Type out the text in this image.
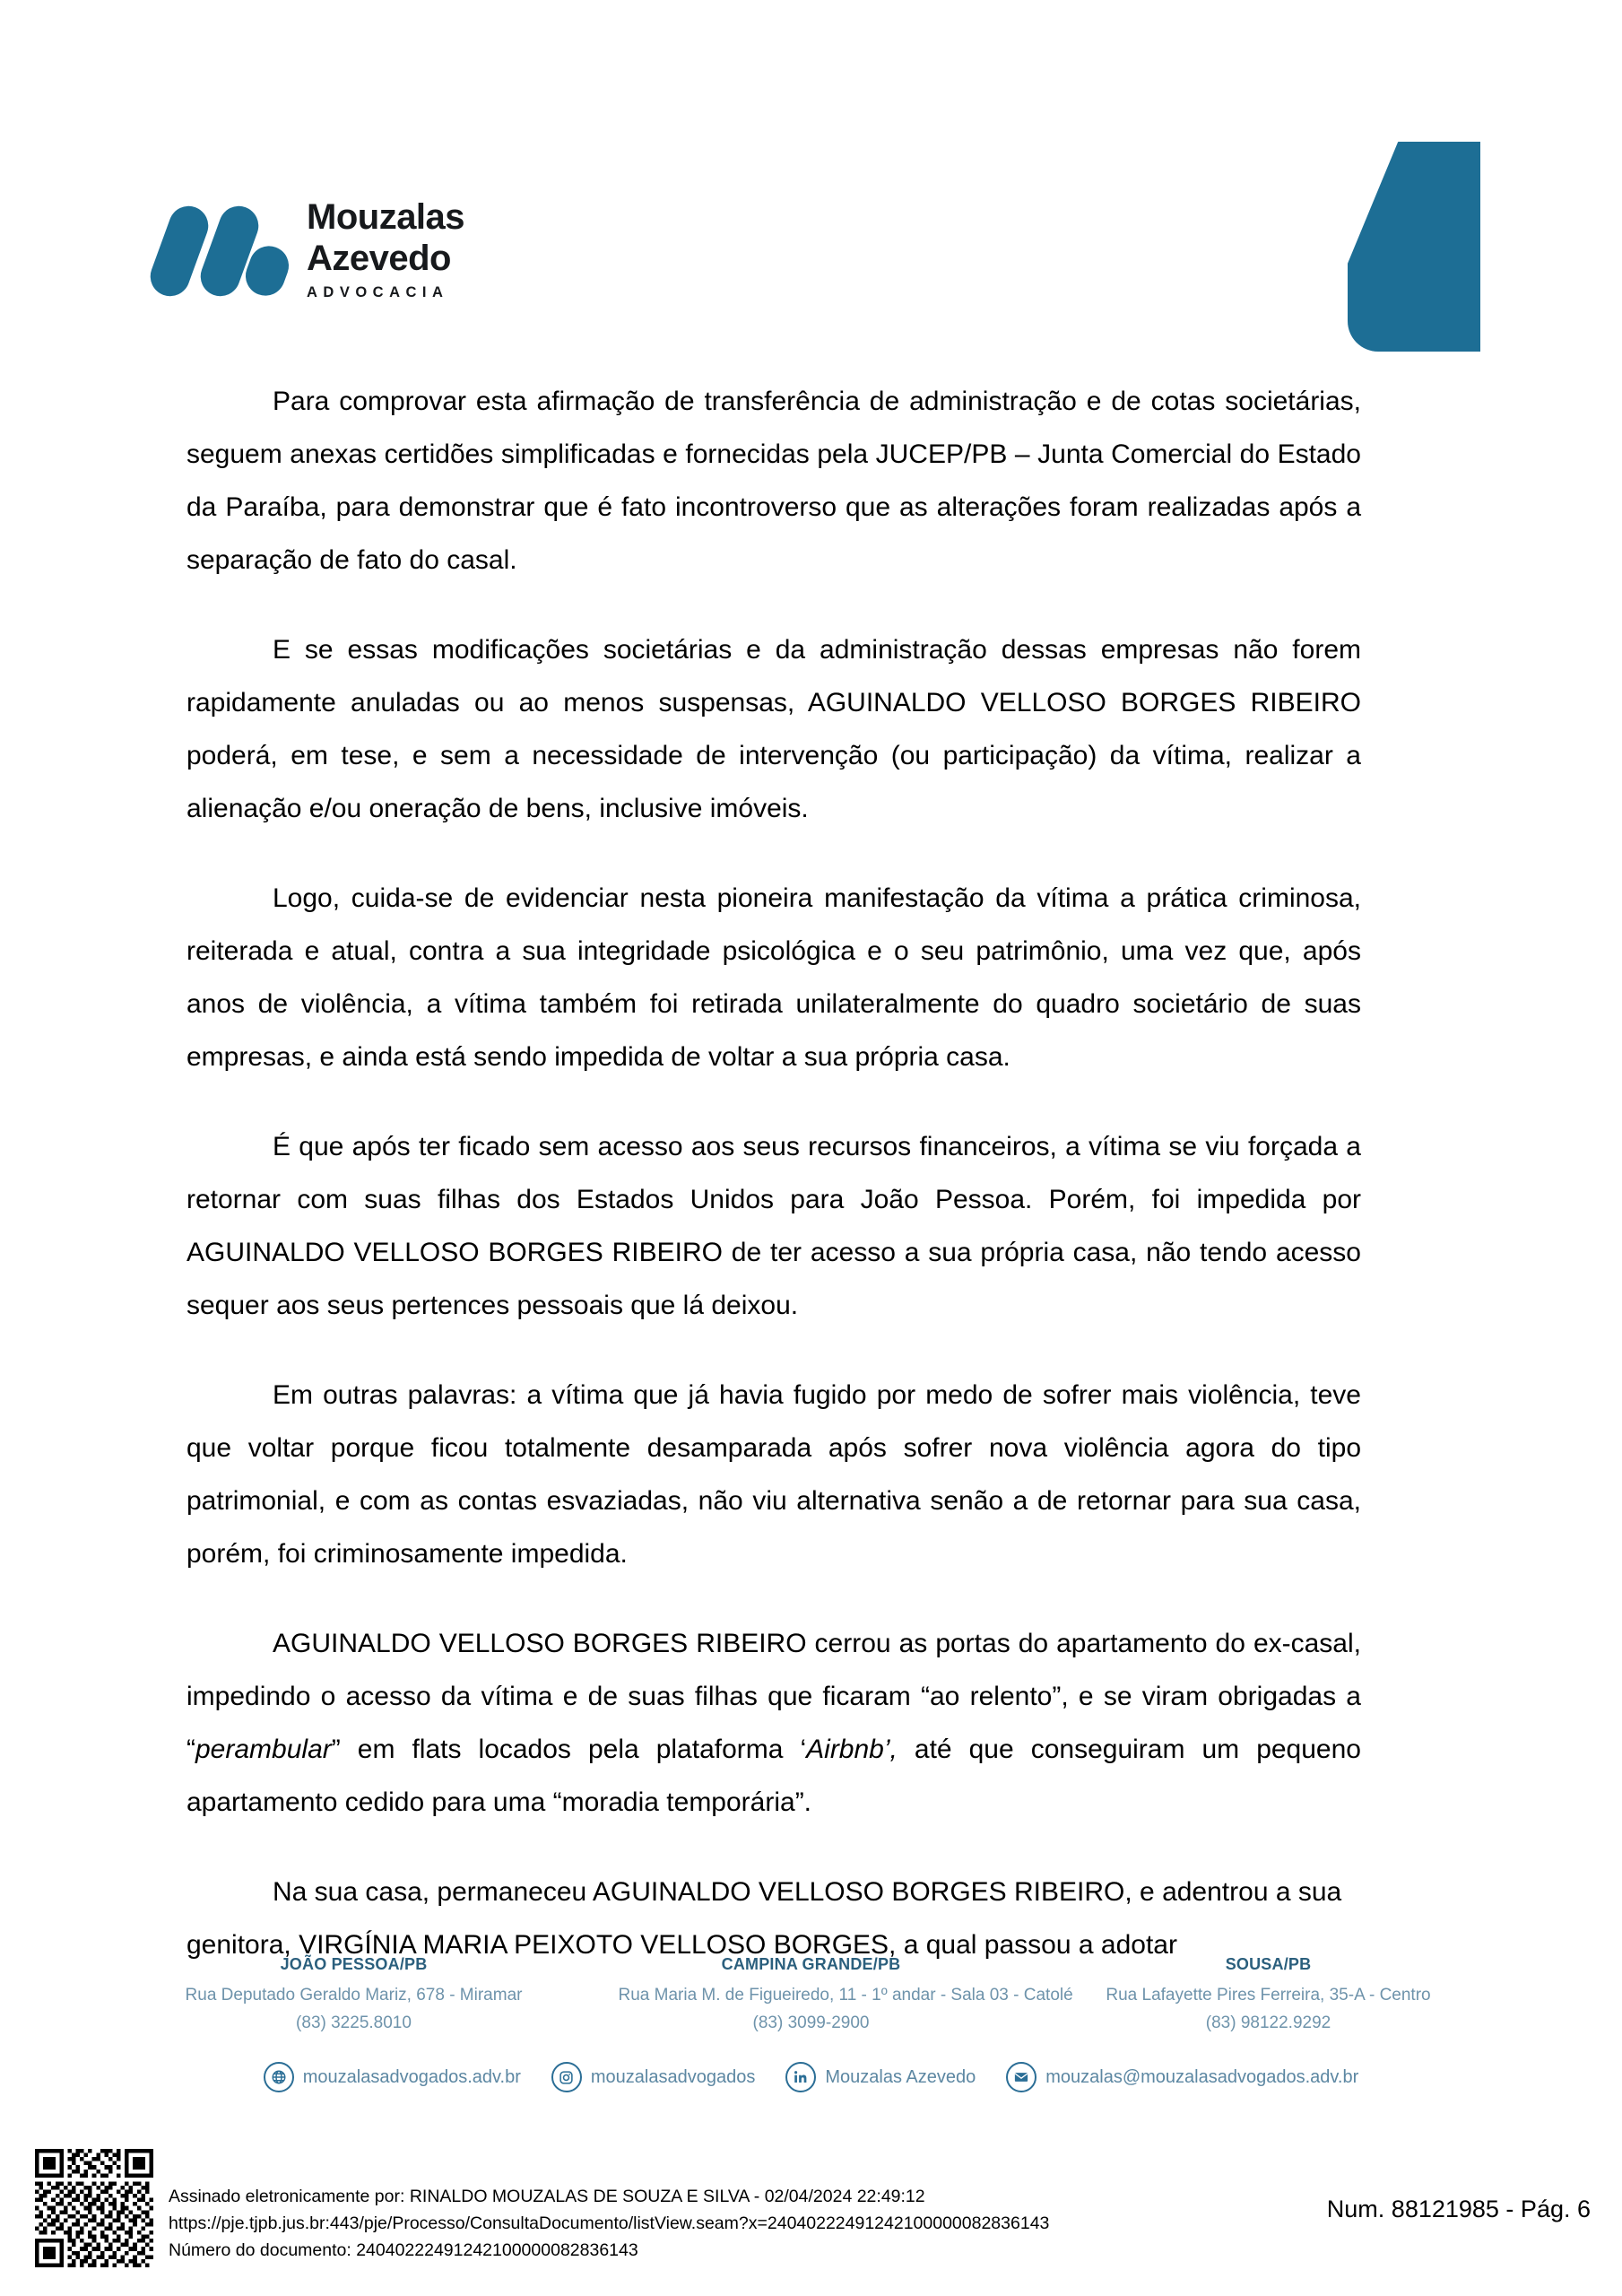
Mouzalas
Azevedo
ADVOCACIA

Para comprovar esta afirmação de transferência de administração e de cotas societárias, seguem anexas certidões simplificadas e fornecidas pela JUCEP/PB – Junta Comercial do Estado da Paraíba, para demonstrar que é fato incontroverso que as alterações foram realizadas após a separação de fato do casal.

E se essas modificações societárias e da administração dessas empresas não forem rapidamente anuladas ou ao menos suspensas, AGUINALDO VELLOSO BORGES RIBEIRO poderá, em tese, e sem a necessidade de intervenção (ou participação) da vítima, realizar a alienação e/ou oneração de bens, inclusive imóveis.

Logo, cuida-se de evidenciar nesta pioneira manifestação da vítima a prática criminosa, reiterada e atual, contra a sua integridade psicológica e o seu patrimônio, uma vez que, após anos de violência, a vítima também foi retirada unilateralmente do quadro societário de suas empresas, e ainda está sendo impedida de voltar a sua própria casa.

É que após ter ficado sem acesso aos seus recursos financeiros, a vítima se viu forçada a retornar com suas filhas dos Estados Unidos para João Pessoa. Porém, foi impedida por AGUINALDO VELLOSO BORGES RIBEIRO de ter acesso a sua própria casa, não tendo acesso sequer aos seus pertences pessoais que lá deixou.

Em outras palavras: a vítima que já havia fugido por medo de sofrer mais violência, teve que voltar porque ficou totalmente desamparada após sofrer nova violência agora do tipo patrimonial, e com as contas esvaziadas, não viu alternativa senão a de retornar para sua casa, porém, foi criminosamente impedida.

AGUINALDO VELLOSO BORGES RIBEIRO cerrou as portas do apartamento do ex-casal, impedindo o acesso da vítima e de suas filhas que ficaram “ao relento”, e se viram obrigadas a “perambular” em flats locados pela plataforma ‘Airbnb’, até que conseguiram um pequeno apartamento cedido para uma “moradia temporária”.

Na sua casa, permaneceu AGUINALDO VELLOSO BORGES RIBEIRO, e adentrou a sua genitora, VIRGÍNIA MARIA PEIXOTO VELLOSO BORGES, a qual passou a adotar

JOÃO PESSOA/PB
Rua Deputado Geraldo Mariz, 678 - Miramar
(83) 3225.8010
CAMPINA GRANDE/PB
Rua Maria M. de Figueiredo, 11 - 1º andar - Sala 03 - Catolé
(83) 3099-2900
SOUSA/PB
Rua Lafayette Pires Ferreira, 35-A - Centro
(83) 98122.9292
mouzalasadvogados.adv.br	mouzalasadvogados	Mouzalas Azevedo	mouzalas@mouzalasadvogados.adv.br
Assinado eletronicamente por: RINALDO MOUZALAS DE SOUZA E SILVA - 02/04/2024 22:49:12
https://pje.tjpb.jus.br:443/pje/Processo/ConsultaDocumento/listView.seam?x=24040222491242100000082836143
Número do documento: 24040222491242100000082836143
Num. 88121985 - Pág. 6
